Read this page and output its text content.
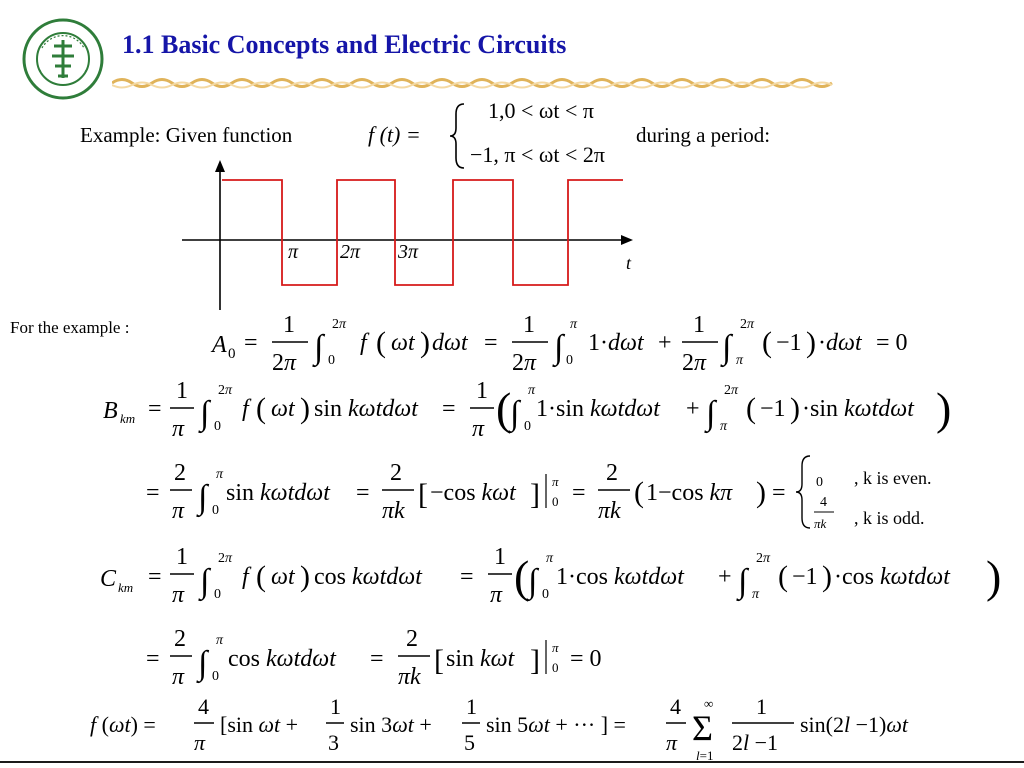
1.1 Basic Concepts and Electric Circuits
Example: Given function	f (t) =
1,0 < ωt < π
−1, π < ωt < 2π
during a period:
π 2π 3π	t
For the example :
A 0 =
1
2π ∫
2π
0
f ( ωt ) dωt =
1
2π ∫
π
0
1·dωt +
1
2π ∫
2π
π
( −1 ) ·dωt = 0
B km =
1
π ∫
2π
0
f ( ωt ) sin kωtdωt =
1
π (
∫
π
0
1·sin kωtdωt + ∫
2π
π
( −1 ) ·sin kωtdωt )
=
2
π ∫
π
0
sin kωtdωt =
2
πk [ −cos kωt ] π
0 =
2
πk
( 1−cos kπ ) = 0 , k is even.
4
πk , k is odd.
C km =
1
π ∫
2π
0
f ( ωt ) cos kωtdωt =
1
π (
∫
π
0
1·cos kωtdωt + ∫
2π
π
( −1 ) ·cos kωtdωt )
=
2
π ∫
π
0
cos kωtdωt =
2
πk [ sin kωt ] π
0 = 0
f (ωt) =
4
π
[sin ωt +
1
3
sin 3ωt +
1
5
sin 5ωt + ··· ] =
4
π Σ
∞
l=1
1
2l −1
sin(2l −1)ωt
